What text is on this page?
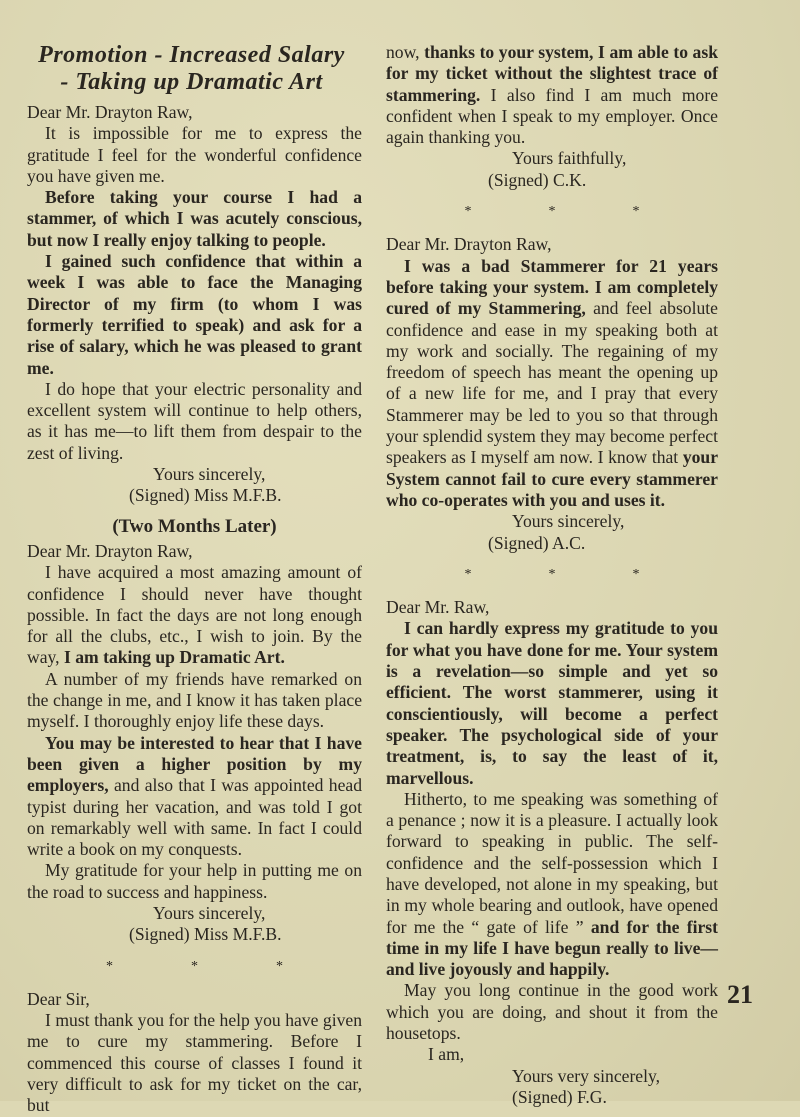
Promotion - Increased Salary
- Taking up Dramatic Art

Dear Mr. Drayton Raw,

It is impossible for me to express the gratitude I feel for the wonderful confidence you have given me.

Before taking your course I had a stammer, of which I was acutely conscious, but now I really enjoy talking to people.

I gained such confidence that within a week I was able to face the Managing Director of my firm (to whom I was formerly terrified to speak) and ask for a rise of salary, which he was pleased to grant me.

I do hope that your electric personality and excellent system will continue to help others, as it has me—to lift them from despair to the zest of living.

Yours sincerely,

(Signed) Miss M.F.B.

(Two Months Later)

Dear Mr. Drayton Raw,

I have acquired a most amazing amount of confidence I should never have thought possible. In fact the days are not long enough for all the clubs, etc., I wish to join. By the way, I am taking up Dramatic Art.

A number of my friends have remarked on the change in me, and I know it has taken place myself. I thoroughly enjoy life these days.

You may be interested to hear that I have been given a higher position by my employers, and also that I was appointed head typist during her vacation, and was told I got on remarkably well with same. In fact I could write a book on my conquests.

My gratitude for your help in putting me on the road to success and happiness.

Yours sincerely,

(Signed) Miss M.F.B.

*	*	*

Dear Sir,

I must thank you for the help you have given me to cure my stammering. Before I commenced this course of classes I found it very difficult to ask for my ticket on the car, but

now, thanks to your system, I am able to ask for my ticket without the slightest trace of stammering. I also find I am much more confident when I speak to my employer. Once again thanking you.

Yours faithfully,

(Signed) C.K.

*	*	*

Dear Mr. Drayton Raw,

I was a bad Stammerer for 21 years before taking your system. I am completely cured of my Stammering, and feel absolute confidence and ease in my speaking both at my work and socially. The regaining of my freedom of speech has meant the opening up of a new life for me, and I pray that every Stammerer may be led to you so that through your splendid system they may become perfect speakers as I myself am now. I know that your System cannot fail to cure every stammerer who co-operates with you and uses it.

Yours sincerely,

(Signed) A.C.

*	*	*

Dear Mr. Raw,

I can hardly express my gratitude to you for what you have done for me. Your system is a revelation—so simple and yet so efficient. The worst stammerer, using it conscientiously, will become a perfect speaker. The psychological side of your treatment, is, to say the least of it, marvellous.

Hitherto, to me speaking was something of a penance ; now it is a pleasure. I actually look forward to speaking in public. The self-confidence and the self-possession which I have developed, not alone in my speaking, but in my whole bearing and outlook, have opened for me the “ gate of life ” and for the first time in my life I have begun really to live—and live joyously and happily.

May you long continue in the good work which you are doing, and shout it from the housetops.

I am,

Yours very sincerely,

(Signed) F.G.

21
